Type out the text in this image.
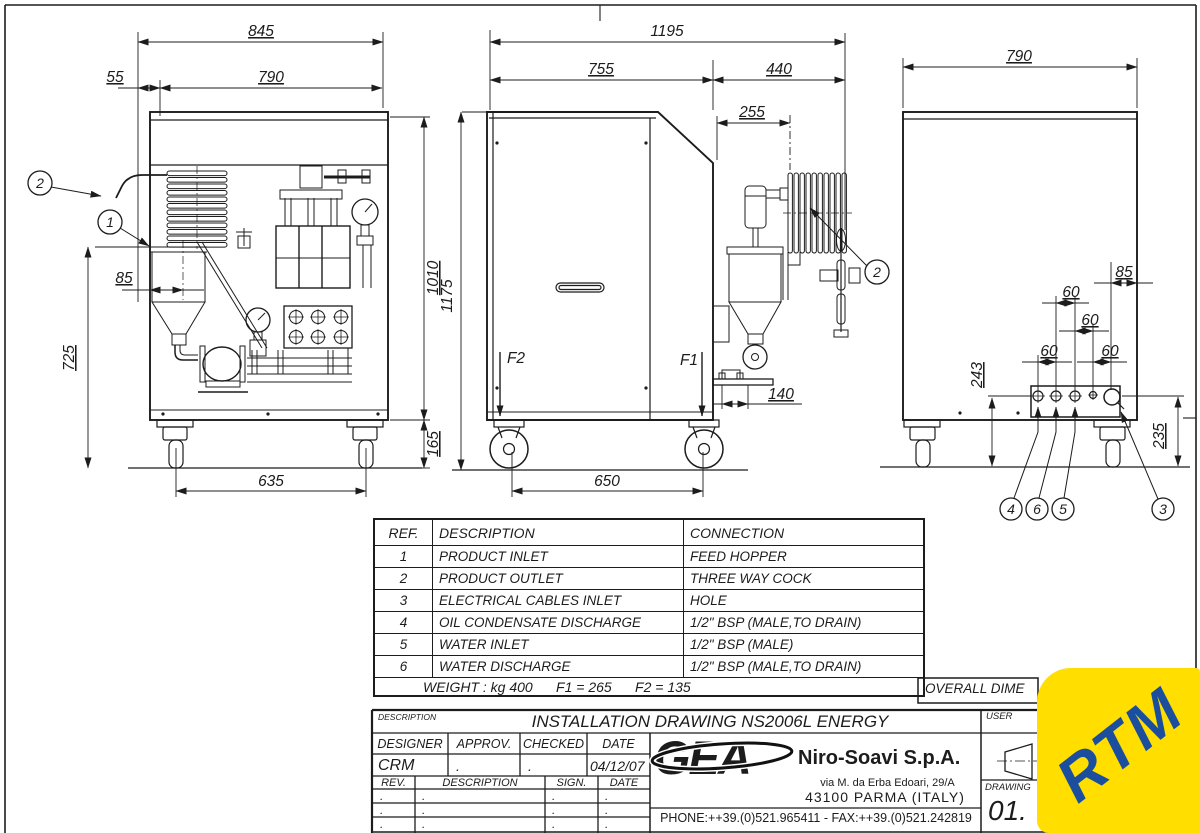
2
1
845
790
55
85
725
1010
165
635
2
1195
755	440
255
1175
140
650
F2	F1
790
85
60
60
60	60
243
235
4 6 5	3
GEA
REF.	DESCRIPTION	CONNECTION
1	PRODUCT INLET	FEED HOPPER
2	PRODUCT OUTLET	THREE WAY COCK
3	ELECTRICAL CABLES INLET	HOLE
4	OIL CONDENSATE DISCHARGE	1/2" BSP (MALE,TO DRAIN)
5	WATER INLET	1/2" BSP (MALE)
6	WATER DISCHARGE	1/2" BSP (MALE,TO DRAIN)
WEIGHT : kg 400      F1 = 265      F2 = 135			OVERALL DIME
DESCRIPTION	INSTALLATION DRAWING NS2006L ENERGY	USER
DESIGNER	APPROV. CHECKED	DATE
CRM	.	.	04/12/07
REV.	DESCRIPTION	SIGN.	DATE
.	.	.	.
.	.	.	.
.	.	.	.
Niro-Soavi S.p.A.
via M. da Erba Edoari, 29/A
43100 PARMA (ITALY)
PHONE:++39.(0)521.965411 - FAX:++39.(0)521.242819
DRAWING
01. RTM
